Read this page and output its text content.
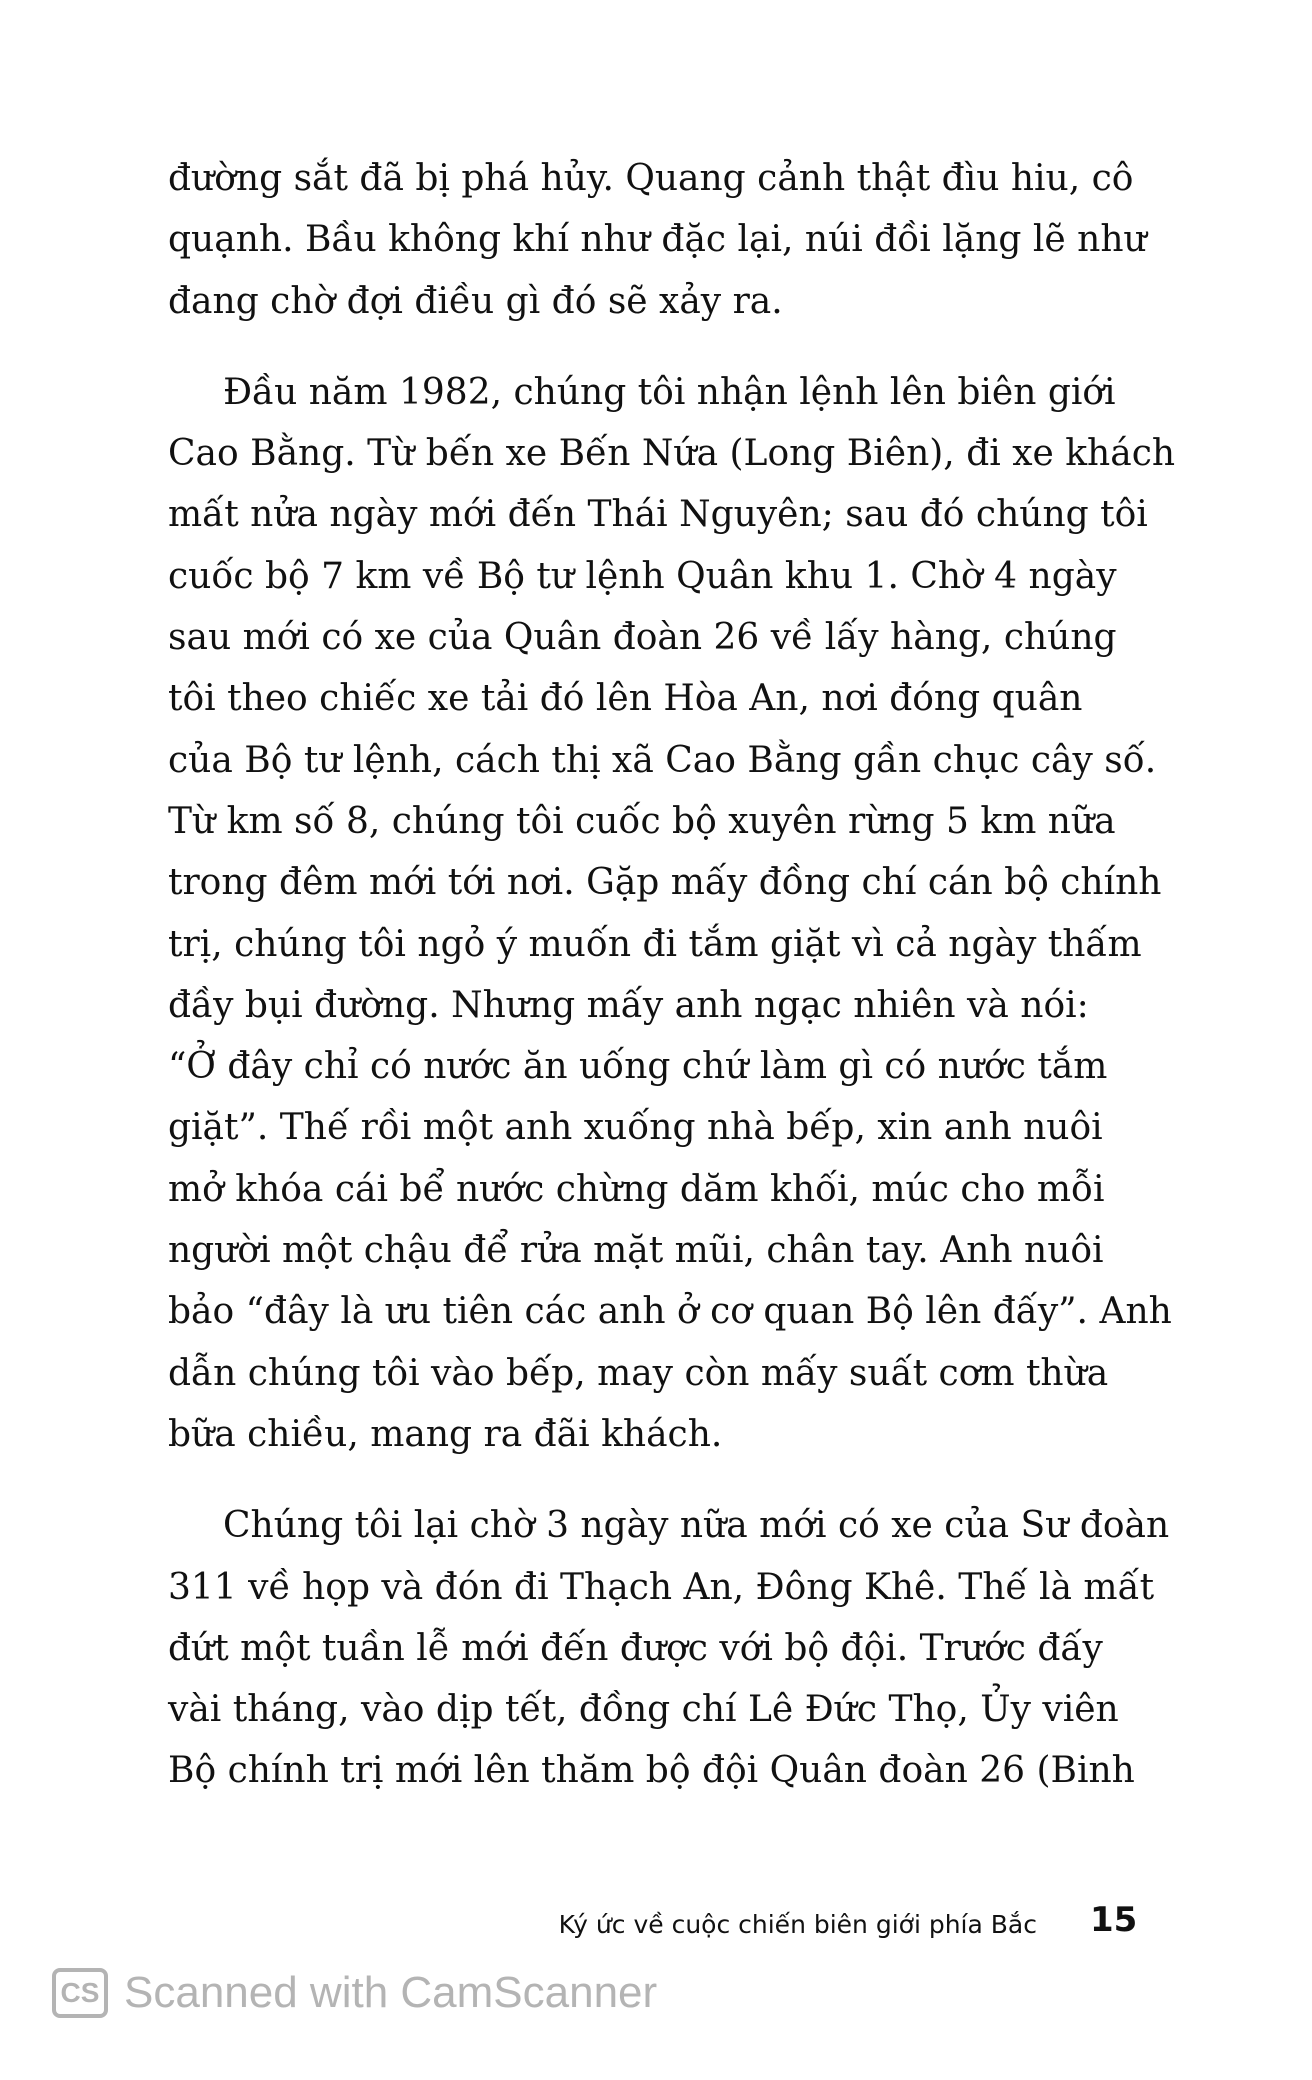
đường sắt đã bị phá hủy. Quang cảnh thật đìu hiu, cô
quạnh. Bầu không khí như đặc lại, núi đồi lặng lẽ như
đang chờ đợi điều gì đó sẽ xảy ra.
Đầu năm 1982, chúng tôi nhận lệnh lên biên giới
Cao Bằng. Từ bến xe Bến Nứa (Long Biên), đi xe khách
mất nửa ngày mới đến Thái Nguyên; sau đó chúng tôi
cuốc bộ 7 km về Bộ tư lệnh Quân khu 1. Chờ 4 ngày
sau mới có xe của Quân đoàn 26 về lấy hàng, chúng
tôi theo chiếc xe tải đó lên Hòa An, nơi đóng quân
của Bộ tư lệnh, cách thị xã Cao Bằng gần chục cây số.
Từ km số 8, chúng tôi cuốc bộ xuyên rừng 5 km nữa
trong đêm mới tới nơi. Gặp mấy đồng chí cán bộ chính
trị, chúng tôi ngỏ ý muốn đi tắm giặt vì cả ngày thấm
đầy bụi đường. Nhưng mấy anh ngạc nhiên và nói:
“Ở đây chỉ có nước ăn uống chứ làm gì có nước tắm
giặt”. Thế rồi một anh xuống nhà bếp, xin anh nuôi
mở khóa cái bể nước chừng dăm khối, múc cho mỗi
người một chậu để rửa mặt mũi, chân tay. Anh nuôi
bảo “đây là ưu tiên các anh ở cơ quan Bộ lên đấy”. Anh
dẫn chúng tôi vào bếp, may còn mấy suất cơm thừa
bữa chiều, mang ra đãi khách.
Chúng tôi lại chờ 3 ngày nữa mới có xe của Sư đoàn
311 về họp và đón đi Thạch An, Đông Khê. Thế là mất
đứt một tuần lễ mới đến được với bộ đội. Trước đấy
vài tháng, vào dịp tết, đồng chí Lê Đức Thọ, Ủy viên
Bộ chính trị mới lên thăm bộ đội Quân đoàn 26 (Binh
Ký ức về cuộc chiến biên giới phía Bắc 15
CS Scanned with CamScanner
